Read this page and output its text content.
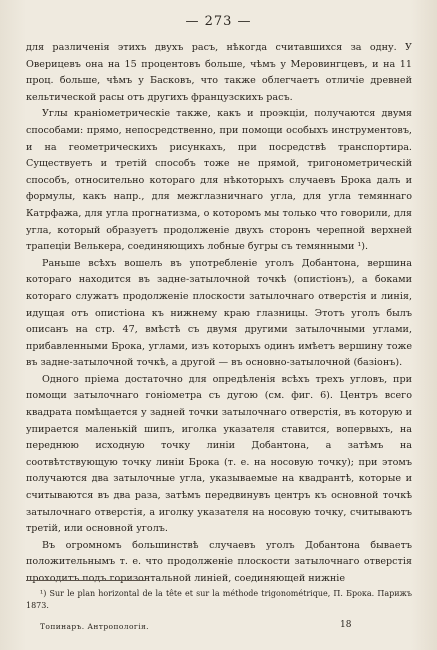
— 273 —

для различенія этихъ двухъ расъ, нѣкогда считавшихся за одну. У Оверицевъ она на 15 процентовъ больше, чѣмъ у Меровингцевъ, и на 11 проц. больше, чѣмъ у Басковъ, что также облегчаетъ отличіе древней кельтической расы отъ другихъ французскихъ расъ.

Углы краніометрическіе также, какъ и проэкціи, получаются двумя способами: прямо, непосредственно, при помощи особыхъ инструментовъ, и на геометрическихъ рисункахъ, при посредствѣ транспортира. Существуетъ и третій способъ тоже не прямой, тригонометрическій способъ, относительно котораго для нѣкоторыхъ случаевъ Брока далъ и формулы, какъ напр., для межглазничнаго угла, для угла темяннаго Катрфажа, для угла прогнатизма, о которомъ мы только что говорили, для угла, который образуетъ продолженіе двухъ сторонъ черепной верхней трапеціи Велькера, соединяющихъ лобные бугры съ темянными ¹).

Раньше всѣхъ вошелъ въ употребленіе уголъ Добантона, вершина котораго находится въ задне-затылочной точкѣ (опистіонъ), а боками котораго служатъ продолженіе плоскости затылочнаго отверстія и линія, идущая отъ опистіона къ нижнему краю глазницы. Этотъ уголъ былъ описанъ на стр. 47, вмѣстѣ съ двумя другими затылочными углами, прибавленными Брока, углами, изъ которыхъ одинъ имѣетъ вершину тоже въ задне-затылочной точкѣ, а другой — въ основно-затылочной (базіонъ).

Одного пріема достаточно для опредѣленія всѣхъ трехъ угловъ, при помощи затылочнаго гоніометра съ дугою (см. фиг. 6). Центръ всего квадрата помѣщается у задней точки затылочнаго отверстія, въ которую и упирается маленькій шипъ, иголка указателя ставится, вопервыхъ, на переднюю исходную точку линіи Добантона, а затѣмъ на соотвѣтствующую точку линіи Брока (т. е. на носовую точку); при этомъ получаются два затылочные угла, указываемые на квадрантѣ, которые и считываются въ два раза, затѣмъ передвинувъ центръ къ основной точкѣ затылочнаго отверстія, а иголку указателя на носовую точку, считываютъ третій, или основной уголъ.

Въ огромномъ большинствѣ случаевъ уголъ Добантона бываетъ положительнымъ т. е. что продолженіе плоскости затылочнаго отверстія проходитъ подъ горизонтальной линіей, соединяющей нижніе

¹) Sur le plan horizontal de la tête et sur la méthode trigonométrique, П. Брока. Парижъ 1873.
Топинаръ. Антропологія.	18
